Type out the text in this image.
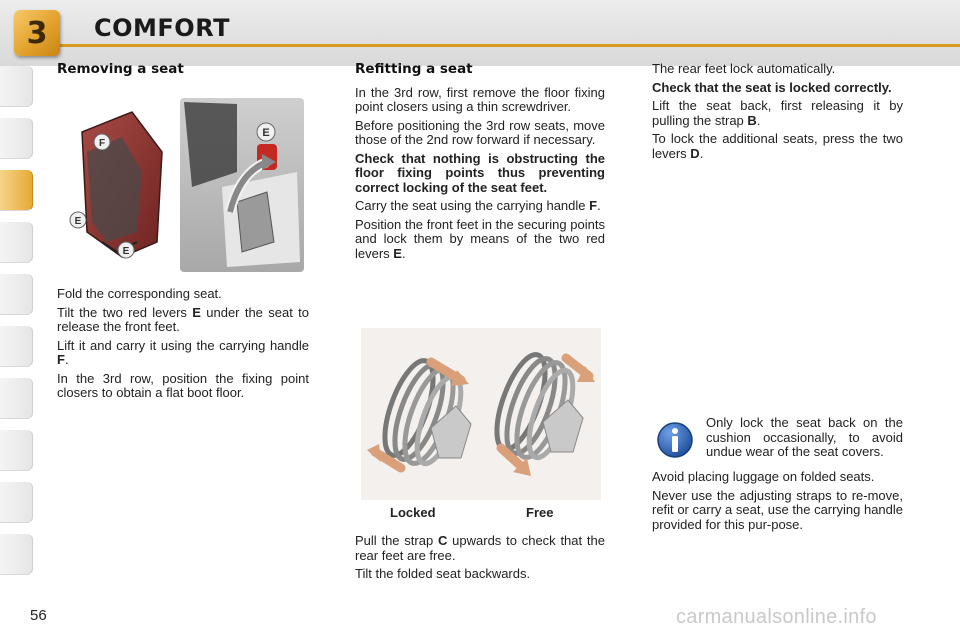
3 COMFORT
Removing a seat
F
E
E
E

Fold the corresponding seat.

Tilt the two red levers E under the seat to release the front feet.

Lift it and carry it using the carrying handle F.

In the 3rd row, position the fixing point closers to obtain a flat boot floor.

Refitting a seat

In the 3rd row, first remove the floor fixing point closers using a thin screwdriver.

Before positioning the 3rd row seats, move those of the 2nd row forward if necessary.

Check that nothing is obstructing the floor fixing points thus preventing correct locking of the seat feet.

Carry the seat using the carrying handle F.

Position the front feet in the securing points and lock them by means of the two red levers E.

Locked	Free

Pull the strap C upwards to check that the rear feet are free.

Tilt the folded seat backwards.

The rear feet lock automatically.

Check that the seat is locked correctly.

Lift the seat back, first releasing it by pulling the strap B.

To lock the additional seats, press the two levers D.

Only lock the seat back on the cushion occasionally, to avoid undue wear of the seat covers.

Avoid placing luggage on folded seats.

Never use the adjusting straps to re-move, refit or carry a seat, use the carrying handle provided for this pur-pose.

56	carmanualsonline.info
